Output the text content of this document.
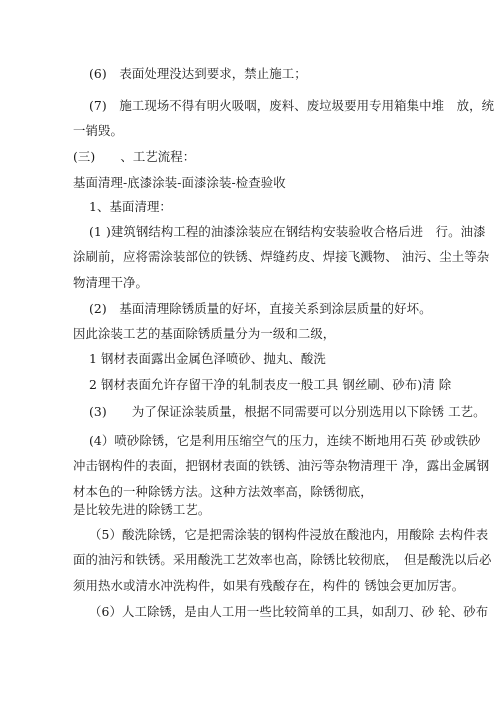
(6)　表面处理没达到要求，禁止施工；
(7)　施工现场不得有明火吸咽，废料、废垃圾要用专用箱集中堆　放，统
一销毁。
(三)　　、工艺流程：
基面清理-底漆涂装-面漆涂装-检查验收
1、基面清理：
(1 )建筑钢结构工程的油漆涂装应在钢结构安装验收合格后进　行。油漆
涂刷前，应将需涂装部位的铁锈、焊缝药皮、焊接飞溅物、 油污、尘土等杂
物清理干净。
(2)　基面清理除锈质量的好坏，直接关系到涂层质量的好坏。
因此涂装工艺的基面除锈质量分为一级和二级，
1 钢材表面露出金属色泽喷砂、抛丸、酸洗
2 钢材表面允许存留干净的轧制表皮一般工具 钢丝刷、砂布)清 除
(3)　　为了保证涂装质量，根据不同需要可以分别选用以下除锈 工艺。
(4）喷砂除锈，它是利用压缩空气的压力，连续不断地用石英 砂或铁砂
冲击钢构件的表面，把钢材表面的铁锈、油污等杂物清理干 净，露出金属钢
材本色的一种除锈方法。这种方法效率高，除锈彻底，
是比较先进的除锈工艺。
（5）酸洗除锈，它是把需涂装的钢构件浸放在酸池内，用酸除 去构件表
面的油污和铁锈。采用酸洗工艺效率也高，除锈比较彻底，　但是酸洗以后必
须用热水或清水冲洗构件，如果有残酸存在，构件的 锈蚀会更加厉害。
（6）人工除锈，是由人工用一些比较简单的工具，如刮刀、砂 轮、砂布
